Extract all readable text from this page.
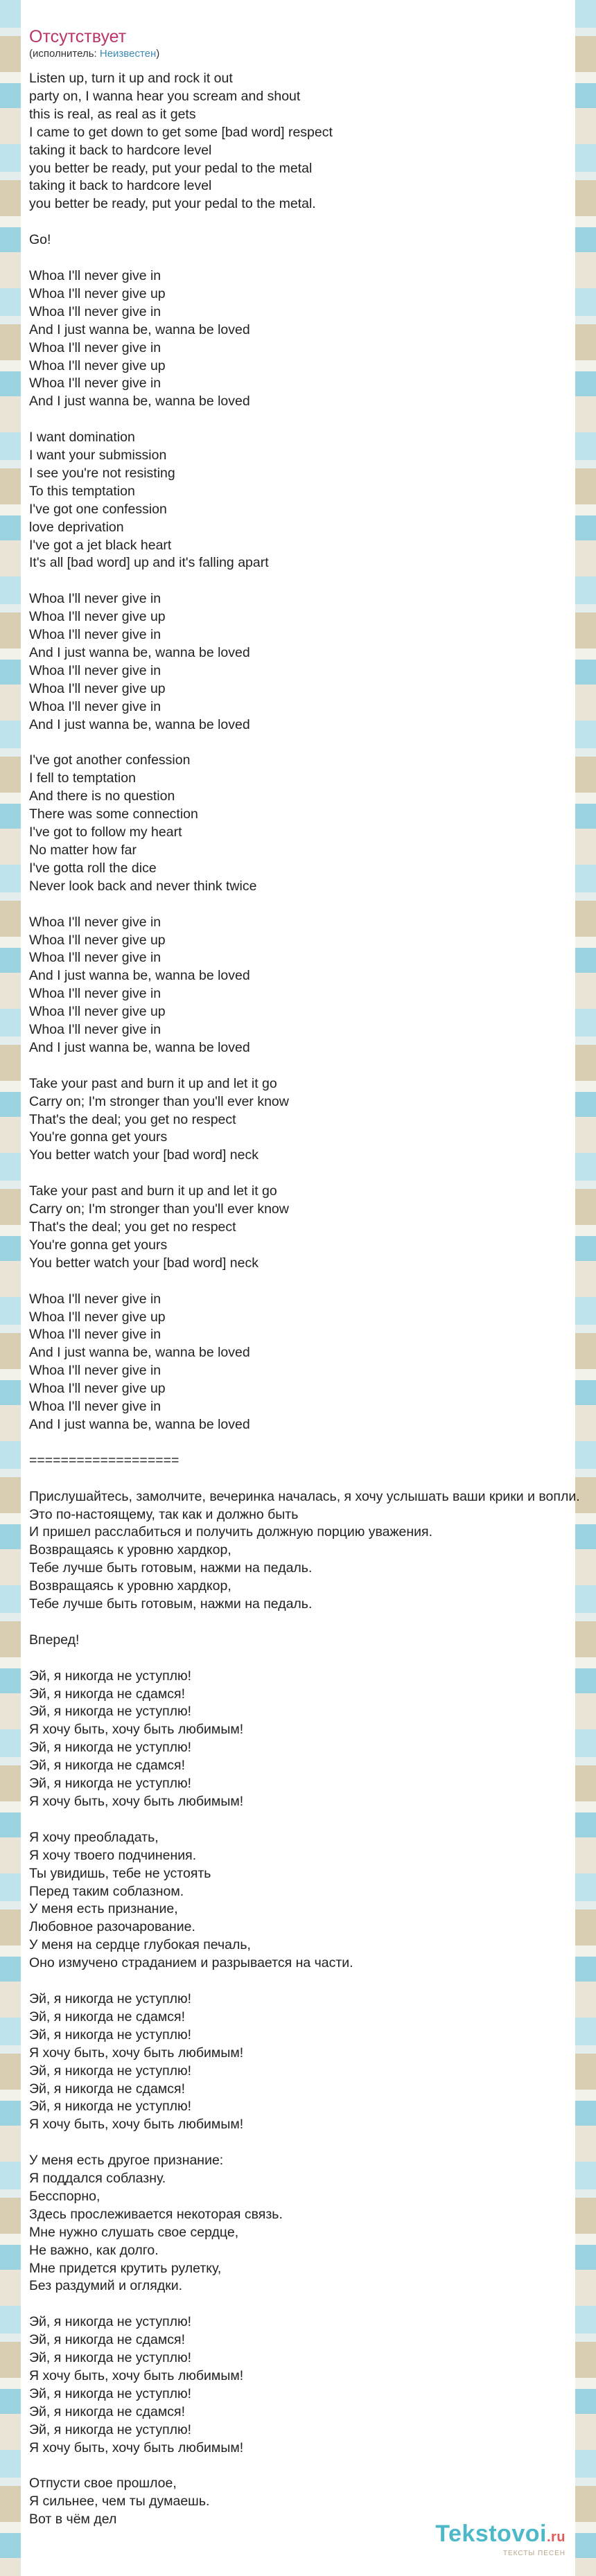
Отсутствует
(исполнитель: Неизвестен)
Listen up, turn it up and rock it out
party on, I wanna hear you scream and shout
this is real, as real as it gets
I came to get down to get some [bad word] respect
taking it back to hardcore level
you better be ready, put your pedal to the metal
taking it back to hardcore level
you better be ready, put your pedal to the metal.

Go!

Whoa I'll never give in
Whoa I'll never give up
Whoa I'll never give in
And I just wanna be, wanna be loved
Whoa I'll never give in
Whoa I'll never give up
Whoa I'll never give in
And I just wanna be, wanna be loved

I want domination
I want your submission
I see you're not resisting
To this temptation
I've got one confession
love deprivation
I've got a jet black heart
It's all [bad word] up and it's falling apart

Whoa I'll never give in
Whoa I'll never give up
Whoa I'll never give in
And I just wanna be, wanna be loved
Whoa I'll never give in
Whoa I'll never give up
Whoa I'll never give in
And I just wanna be, wanna be loved

I've got another confession
I fell to temptation
And there is no question
There was some connection
I've got to follow my heart
No matter how far
I've gotta roll the dice
Never look back and never think twice

Whoa I'll never give in
Whoa I'll never give up
Whoa I'll never give in
And I just wanna be, wanna be loved
Whoa I'll never give in
Whoa I'll never give up
Whoa I'll never give in
And I just wanna be, wanna be loved

Take your past and burn it up and let it go
Carry on; I'm stronger than you'll ever know
That's the deal; you get no respect
You're gonna get yours
You better watch your [bad word] neck

Take your past and burn it up and let it go
Carry on; I'm stronger than you'll ever know
That's the deal; you get no respect
You're gonna get yours
You better watch your [bad word] neck

Whoa I'll never give in
Whoa I'll never give up
Whoa I'll never give in
And I just wanna be, wanna be loved
Whoa I'll never give in
Whoa I'll never give up
Whoa I'll never give in
And I just wanna be, wanna be loved

===================

Прислушайтесь, замолчите, вечеринка началась, я хочу услышать ваши крики и вопли.
Это по-настоящему, так как и должно быть
И пришел расслабиться и получить должную порцию уважения.
Возвращаясь к уровню хардкор,
Тебе лучше быть готовым, нажми на педаль.
Возвращаясь к уровню хардкор,
Тебе лучше быть готовым, нажми на педаль.

Вперед!

Эй, я никогда не уступлю!
Эй, я никогда не сдамся!
Эй, я никогда не уступлю!
Я хочу быть, хочу быть любимым!
Эй, я никогда не уступлю!
Эй, я никогда не сдамся!
Эй, я никогда не уступлю!
Я хочу быть, хочу быть любимым!

Я хочу преобладать,
Я хочу твоего подчинения.
Ты увидишь, тебе не устоять
Перед таким соблазном.
У меня есть признание,
Любовное разочарование.
У меня на сердце глубокая печаль,
Оно измучено страданием и разрывается на части.

Эй, я никогда не уступлю!
Эй, я никогда не сдамся!
Эй, я никогда не уступлю!
Я хочу быть, хочу быть любимым!
Эй, я никогда не уступлю!
Эй, я никогда не сдамся!
Эй, я никогда не уступлю!
Я хочу быть, хочу быть любимым!

У меня есть другое признание:
Я поддался соблазну.
Бесспорно,
Здесь прослеживается некоторая связь.
Мне нужно слушать свое сердце,
Не важно, как долго.
Мне придется крутить рулетку,
Без раздумий и оглядки.

Эй, я никогда не уступлю!
Эй, я никогда не сдамся!
Эй, я никогда не уступлю!
Я хочу быть, хочу быть любимым!
Эй, я никогда не уступлю!
Эй, я никогда не сдамся!
Эй, я никогда не уступлю!
Я хочу быть, хочу быть любимым!

Отпусти свое прошлое,
Я сильнее, чем ты думаешь.
Вот в чём дел
Tekstovoi.ru
ТЕКСТЫ ПЕСЕН
